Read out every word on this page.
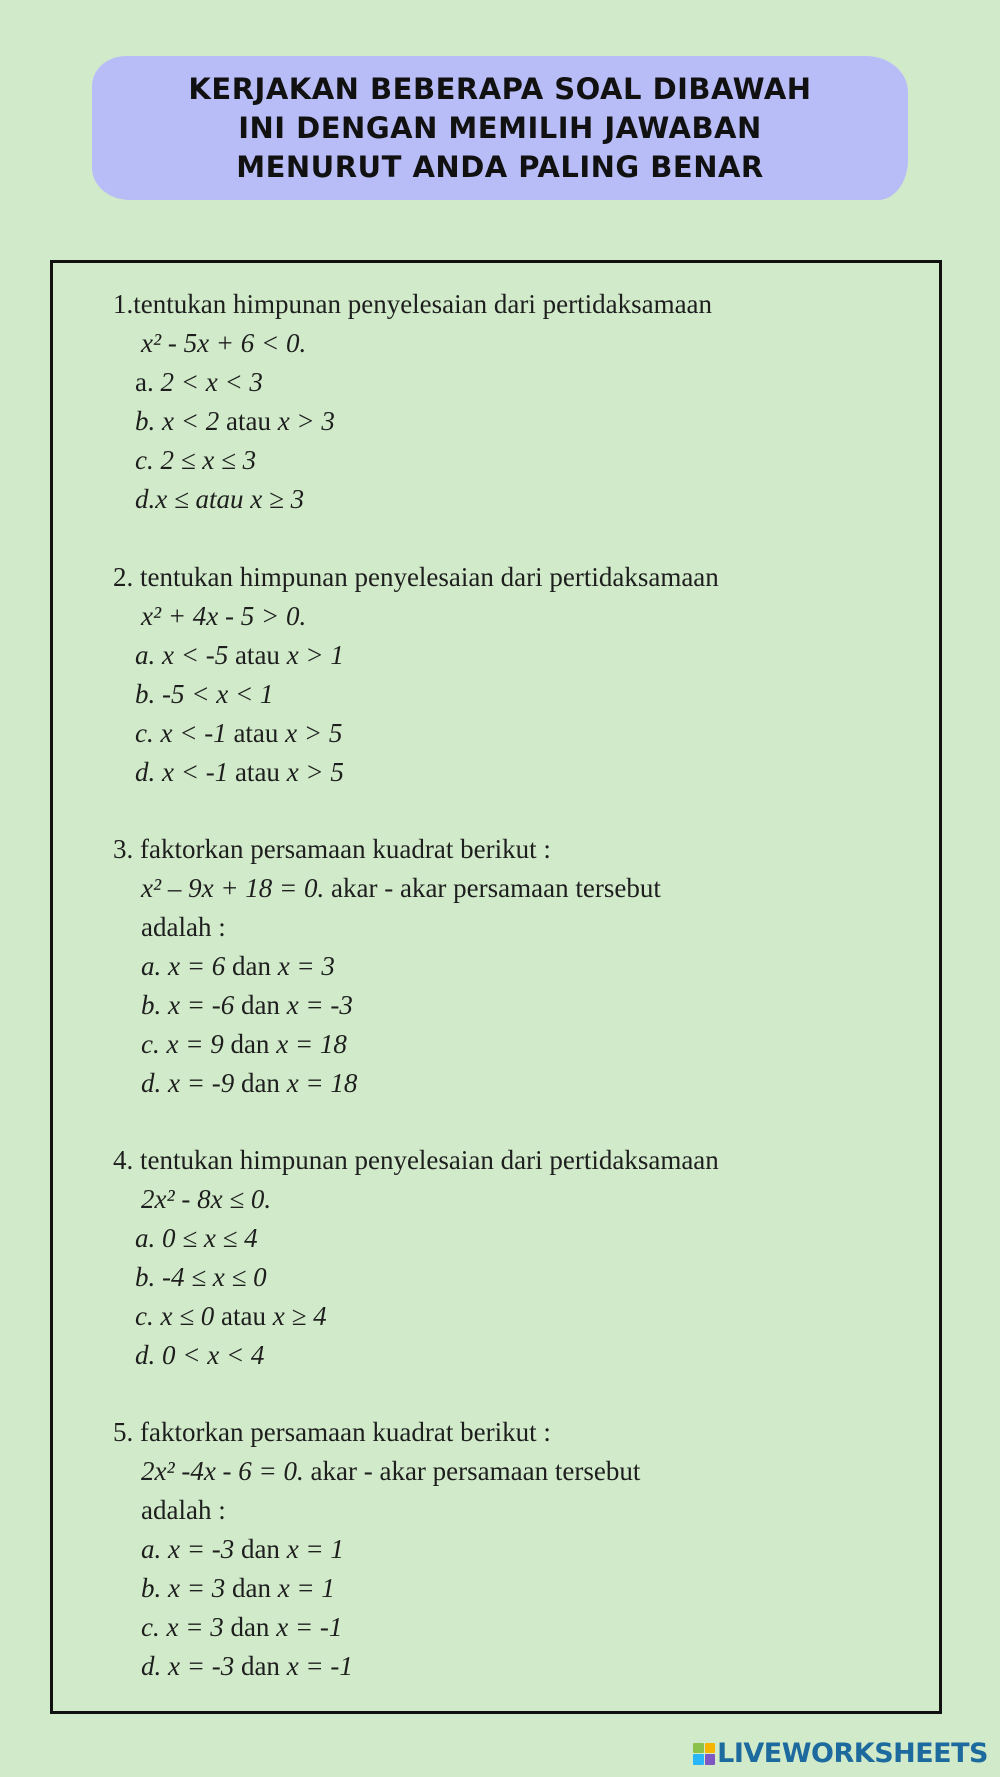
KERJAKAN BEBERAPA SOAL DIBAWAH
INI DENGAN MEMILIH JAWABAN
MENURUT ANDA PALING BENAR
1.tentukan himpunan penyelesaian dari pertidaksamaan
x² - 5x + 6 < 0.
a. 2 < x < 3
b. x < 2 atau x > 3
c. 2 ≤ x ≤ 3
d.x ≤ atau x ≥ 3
2. tentukan himpunan penyelesaian dari pertidaksamaan
x² + 4x - 5 > 0.
a. x < -5 atau x > 1
b. -5 < x < 1
c. x < -1 atau x > 5
d. x < -1 atau x > 5
3. faktorkan persamaan kuadrat berikut :
x² – 9x + 18 = 0. akar - akar persamaan tersebut
adalah :
a. x = 6 dan x = 3
b. x = -6 dan x = -3
c. x = 9 dan x = 18
d. x = -9 dan x = 18
4. tentukan himpunan penyelesaian dari pertidaksamaan
2x² - 8x ≤ 0.
a. 0 ≤ x ≤ 4
b. -4 ≤ x ≤ 0
c. x ≤ 0 atau x ≥ 4
d. 0 < x < 4
5. faktorkan persamaan kuadrat berikut :
2x² -4x - 6 = 0. akar - akar persamaan tersebut
adalah :
a. x = -3 dan x = 1
b. x = 3 dan x = 1
c. x = 3 dan x = -1
d. x = -3 dan x = -1
LIVEWORKSHEETS
